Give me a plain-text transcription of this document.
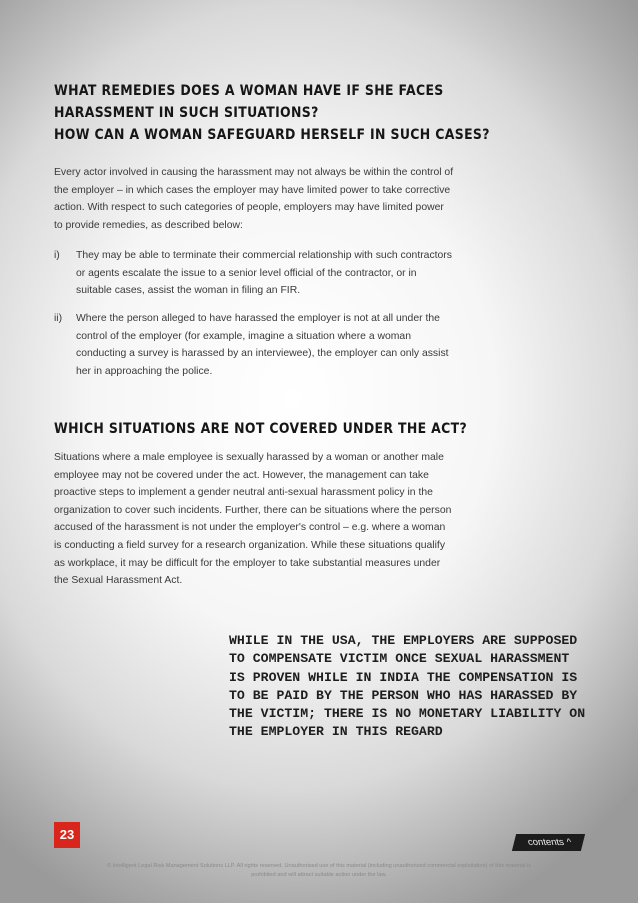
WHAT REMEDIES DOES A WOMAN HAVE IF SHE FACES
HARASSMENT IN SUCH SITUATIONS?
HOW CAN A WOMAN SAFEGUARD HERSELF IN SUCH CASES?

Every actor involved in causing the harassment may not always be within the control of the employer – in which cases the employer may have limited power to take corrective action. With respect to such categories of people, employers may have limited power to provide remedies, as described below:

i)	They may be able to terminate their commercial relationship with such contractors or agents escalate the issue to a senior level official of the contractor, or in suitable cases, assist the woman in filing an FIR.
ii)	Where the person alleged to have harassed the employer is not at all under the control of the employer (for example, imagine a situation where a woman conducting a survey is harassed by an interviewee), the employer can only assist her in approaching the police.
WHICH SITUATIONS ARE NOT COVERED UNDER THE ACT?

Situations where a male employee is sexually harassed by a woman or another male employee may not be covered under the act. However, the management can take proactive steps to implement a gender neutral anti-sexual harassment policy in the organization to cover such incidents. Further, there can be situations where the person accused of the harassment is not under the employer's control – e.g. where a woman is conducting a field survey for a research organization. While these situations qualify as workplace, it may be difficult for the employer to take substantial measures under the Sexual Harassment Act.

WHILE IN THE USA, THE EMPLOYERS ARE SUPPOSED TO COMPENSATE VICTIM ONCE SEXUAL HARASSMENT IS PROVEN WHILE IN INDIA THE COMPENSATION IS TO BE PAID BY THE PERSON WHO HAS HARASSED BY THE VICTIM; THERE IS NO MONETARY LIABILITY ON THE EMPLOYER IN THIS REGARD

23
contents ^
© Intelligent Legal Risk Management Solutions LLP. All rights reserved. Unauthorised use of this material (including unauthorized commercial exploitation) of this material is
prohibited and will attract suitable action under the law.
